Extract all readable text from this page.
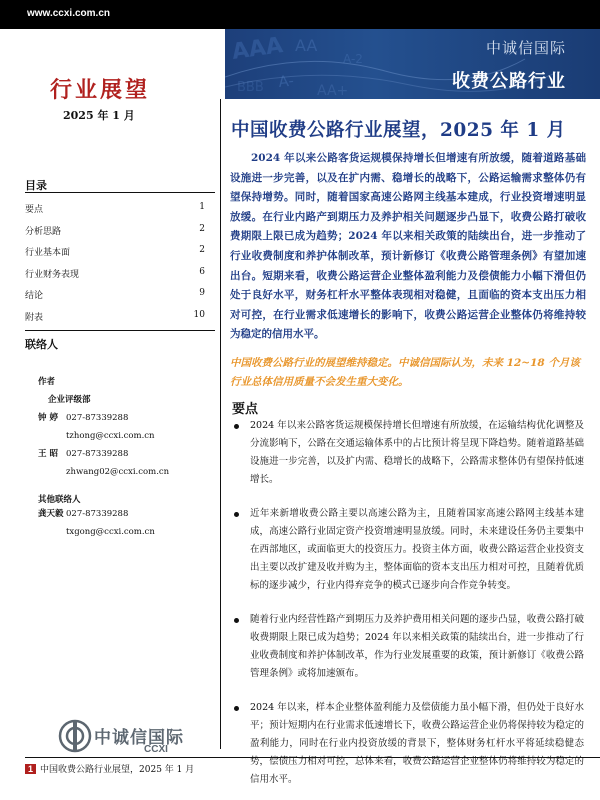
www.ccxi.com.cn
AAA AA
BBB A-
AA+
A-2
中诚信国际
收费公路行业
行业展望
2025 年 1 月
目录
要点	1
分析思路	2
行业基本面	2
行业财务表现	6
结论	9
附表	10
联络人
作者
企业评级部
钟 婷 027-87339288
tzhong@ccxi.com.cn
王 昭 027-87339288
zhwang02@ccxi.com.cn
其他联络人
龚天毅 027-87339288
txgong@ccxi.com.cn
中诚信国际
CCXI
中国收费公路行业展望，2025 年 1 月
2024 年以来公路客货运规模保持增长但增速有所放缓，随着道路基础设施进一步完善，以及在扩内需、稳增长的战略下，公路运输需求整体仍有望保持增势。同时，随着国家高速公路网主线基本建成，行业投资增速明显放缓。在行业内路产到期压力及养护相关问题逐步凸显下，收费公路打破收费期限上限已成为趋势；2024 年以来相关政策的陆续出台，进一步推动了行业收费制度和养护体制改革，预计新修订《收费公路管理条例》有望加速出台。短期来看，收费公路运营企业整体盈利能力及偿债能力小幅下滑但仍处于良好水平，财务杠杆水平整体表现相对稳健，且面临的资本支出压力相对可控，在行业需求低速增长的影响下，收费公路运营企业整体仍将维持较为稳定的信用水平。
中国收费公路行业的展望维持稳定。中诚信国际认为，未来 12~18 个月该行业总体信用质量不会发生重大变化。
要点
2024 年以来公路客货运规模保持增长但增速有所放缓，在运输结构优化调整及分流影响下，公路在交通运输体系中的占比预计将呈现下降趋势。随着道路基础设施进一步完善，以及扩内需、稳增长的战略下，公路需求整体仍有望保持低速增长。
近年来新增收费公路主要以高速公路为主，且随着国家高速公路网主线基本建成，高速公路行业固定资产投资增速明显放缓。同时，未来建设任务仍主要集中在西部地区，或面临更大的投资压力。投资主体方面，收费公路运营企业投资支出主要以改扩建及收并购为主，整体面临的资本支出压力相对可控，且随着优质标的逐步减少，行业内得弃竞争的模式已逐步向合作竞争转变。
随着行业内经营性路产到期压力及养护费用相关问题的逐步凸显，收费公路打破收费期限上限已成为趋势；2024 年以来相关政策的陆续出台，进一步推动了行业收费制度和养护体制改革，作为行业发展重要的政策，预计新修订《收费公路管理条例》或将加速颁布。
2024 年以来，样本企业整体盈利能力及偿债能力虽小幅下滑，但仍处于良好水平；预计短期内在行业需求低速增长下，收费公路运营企业仍将保持较为稳定的盈利能力，同时在行业内投资放缓的背景下，整体财务杠杆水平将延续稳健态势，偿债压力相对可控，总体来看，收费公路运营企业整体仍将维持较为稳定的信用水平。
1 中国收费公路行业展望，2025 年 1 月
